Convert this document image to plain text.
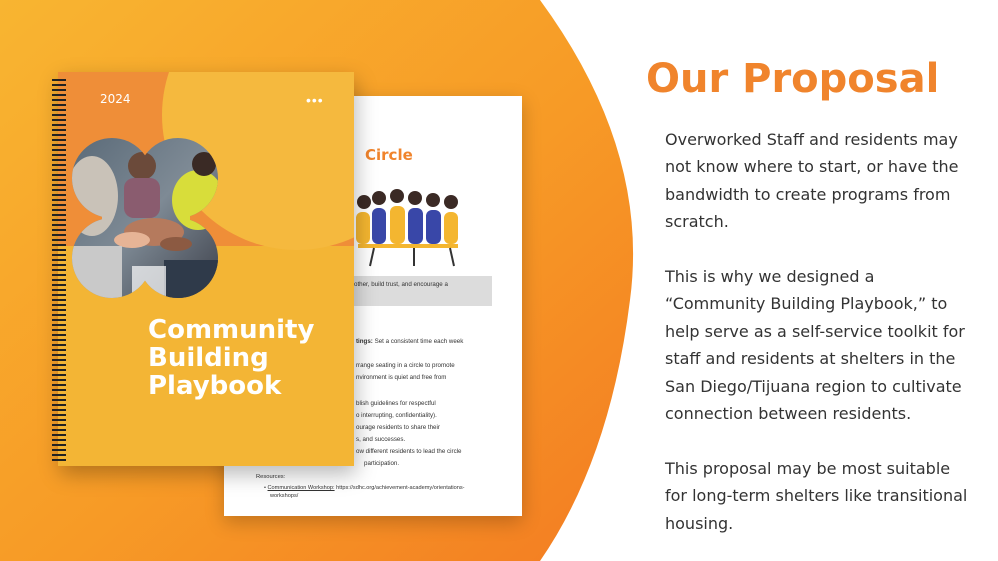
Circle
other, build trust, and encourage a
tings: Set a consistent time each week
rrange seating in a circle to promote
nvironment is quiet and free from
blish guidelines for respectful
o interrupting, confidentiality).
ourage residents to share their
s, and successes.
ow different residents to lead the circle
participation.
Resources:
• Communication Workshop: https://sdhc.org/achievement-academy/orientations-
workshops/
2024	•••
Community
Building
Playbook
Our Proposal
Overworked Staff and residents may
not know where to start, or have the
bandwidth to create programs from
scratch.
This is why we designed a
“Community Building Playbook,” to
help serve as a self-service toolkit for
staff and residents at shelters in the
San Diego/Tijuana region to cultivate
connection between residents.
This proposal may be most suitable
for long-term shelters like transitional
housing.
